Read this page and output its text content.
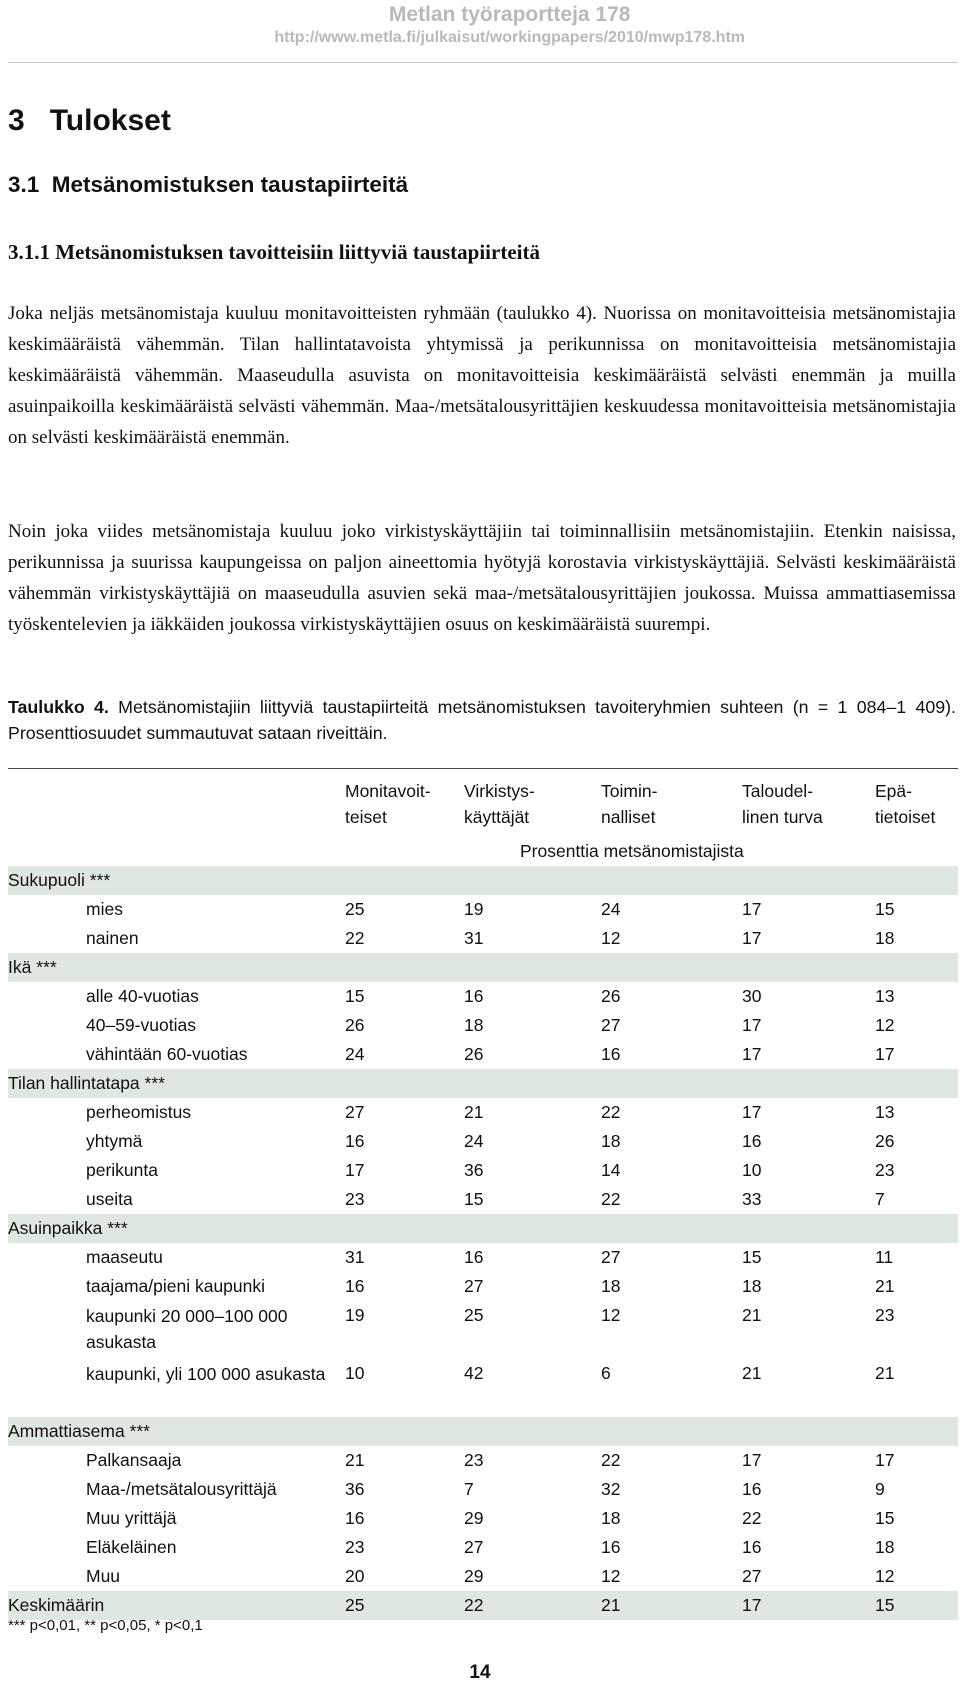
Metlan työraportteja 178
http://www.metla.fi/julkaisut/workingpapers/2010/mwp178.htm
3   Tulokset
3.1  Metsänomistuksen taustapiirteitä
3.1.1 Metsänomistuksen tavoitteisiin liittyviä taustapiirteitä

Joka neljäs metsänomistaja kuuluu monitavoitteisten ryhmään (taulukko 4). Nuorissa on monitavoitteisia metsänomistajia keskimääräistä vähemmän. Tilan hallintatavoista yhtymissä ja perikunnissa on monitavoitteisia metsänomistajia keskimääräistä vähemmän. Maaseudulla asuvista on monitavoitteisia keskimääräistä selvästi enemmän ja muilla asuinpaikoilla keskimääräistä selvästi vähemmän. Maa-/metsätalousyrittäjien keskuudessa monitavoitteisia metsänomistajia on selvästi keskimääräistä enemmän.

Noin joka viides metsänomistaja kuuluu joko virkistyskäyttäjiin tai toiminnallisiin metsänomistajiin. Etenkin naisissa, perikunnissa ja suurissa kaupungeissa on paljon aineettomia hyötyjä korostavia virkistyskäyttäjiä. Selvästi keskimääräistä vähemmän virkistyskäyttäjiä on maaseudulla asuvien sekä maa-/metsätalousyrittäjien joukossa. Muissa ammattiasemissa työskentelevien ja iäkkäiden joukossa virkistyskäyttäjien osuus on keskimääräistä suurempi.

Taulukko 4. Metsänomistajiin liittyviä taustapiirteitä metsänomistuksen tavoiteryhmien suhteen (n = 1 084–1 409). Prosenttiosuudet summautuvat sataan riveittäin.

Monitavoit-
teiset
Virkistys-
käyttäjät
Toimin-
nalliset
Taloudel-
linen turva
Epä-
tietoiset
Prosenttia metsänomistajista
Sukupuoli ***
mies	25	19	24	17	15
nainen	22	31	12	17	18
Ikä ***
alle 40-vuotias	15	16	26	30	13
40–59-vuotias	26	18	27	17	12
vähintään 60-vuotias	24	26	16	17	17
Tilan hallintatapa ***
perheomistus	27	21	22	17	13
yhtymä	16	24	18	16	26
perikunta	17	36	14	10	23
useita	23	15	22	33	7
Asuinpaikka ***
maaseutu	31	16	27	15	11
taajama/pieni kaupunki	16	27	18	18	21
kaupunki 20 000–100 000 asukasta
19	25	12	21	23
kaupunki, yli 100 000 asukasta 10	42	6	21	21
Ammattiasema ***
Palkansaaja	21	23	22	17	17
Maa-/metsätalousyrittäjä	36	7	32	16	9
Muu yrittäjä	16	29	18	22	15
Eläkeläinen	23	27	16	16	18
Muu	20	29	12	27	12
Keskimäärin	25	22	21	17	15
*** p<0,01, ** p<0,05, * p<0,1
14
